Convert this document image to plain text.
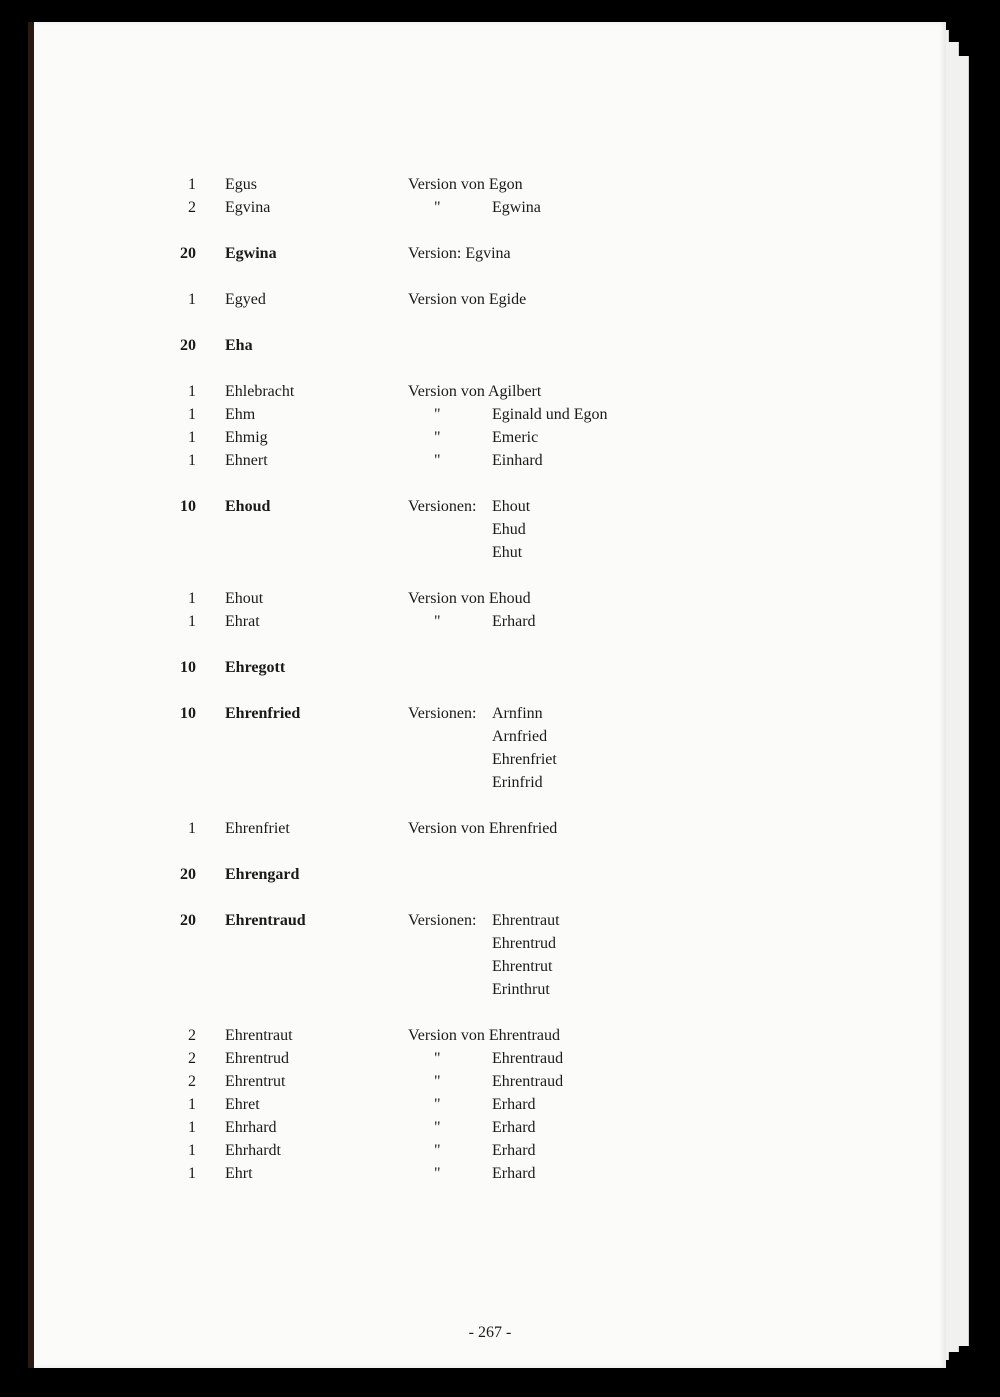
1 Egus	Version von Egon
2 Egvina	"	Egwina
20 Egwina	Version: Egvina
1 Egyed	Version von Egide
20 Eha
1 Ehlebracht	Version von Agilbert
1 Ehm	"	Eginald und Egon
1 Ehmig	"	Emeric
1 Ehnert	"	Einhard
10 Ehoud	Versionen: Ehout
Ehud
Ehut
1 Ehout	Version von Ehoud
1 Ehrat	"	Erhard
10 Ehregott
10 Ehrenfried	Versionen: Arnfinn
Arnfried
Ehrenfriet
Erinfrid
1 Ehrenfriet	Version von Ehrenfried
20 Ehrengard
20 Ehrentraud	Versionen: Ehrentraut
Ehrentrud
Ehrentrut
Erinthrut
2 Ehrentraut	Version von Ehrentraud
2 Ehrentrud	"	Ehrentraud
2 Ehrentrut	"	Ehrentraud
1 Ehret	"	Erhard
1 Ehrhard	"	Erhard
1 Ehrhardt	"	Erhard
1 Ehrt	"	Erhard
- 267 -
